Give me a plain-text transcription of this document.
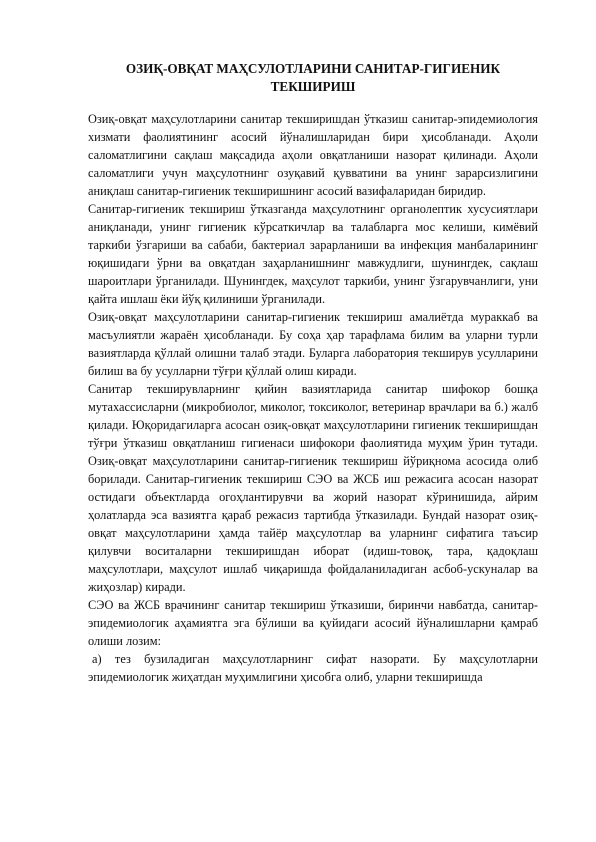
ОЗИҚ-ОВҚАТ МАҲСУЛОТЛАРИНИ САНИТАР-ГИГИЕНИК ТЕКШИРИШ

Озиқ-овқат маҳсулотларини санитар текширишдан ўтказиш санитар-эпидемиология хизмати фаолиятининг асосий йўналишларидан бири ҳисобланади. Аҳоли саломатлигини сақлаш мақсадида аҳоли овқатланиши назорат қилинади. Аҳоли саломатлиги учун маҳсулотнинг озуқавий қувватини ва унинг зарарсизлигини аниқлаш санитар-гигиеник текширишнинг асосий вазифаларидан биридир.

Санитар-гигиеник текшириш ўтказганда маҳсулотнинг органолептик хусусиятлари аниқланади, унинг гигиеник кўрсаткичлар ва талабларга мос келиши, кимёвий таркиби ўзгариши ва сабаби, бактериал зарарланиши ва инфекция манбаларининг юқишидаги ўрни ва овқатдан заҳарланишнинг мавжудлиги, шунингдек, сақлаш шароитлари ўрганилади. Шунингдек, маҳсулот таркиби, унинг ўзгарувчанлиги, уни қайта ишлаш ёки йўқ қилиниши ўрганилади.

Озиқ-овқат маҳсулотларини санитар-гигиеник текшириш амалиётда мураккаб ва масъулиятли жараён ҳисобланади. Бу соҳа ҳар тарафлама билим ва уларни турли вазиятларда қўллай олишни талаб этади. Буларга лаборатория текширув усулларини билиш ва бу усулларни тўғри қўллай олиш киради.

Санитар текширувларнинг қийин вазиятларида санитар шифокор бошқа мутахассисларни (микробиолог, миколог, токсиколог, ветеринар врачлари ва б.) жалб қилади. Юқоридагиларга асосан озиқ-овқат маҳсулотларини гигиеник текширишдан тўғри ўтказиш овқатланиш гигиенаси шифокори фаолиятида муҳим ўрин тутади. Озиқ-овқат маҳсулотларини санитар-гигиеник текшириш йўриқнома асосида олиб борилади. Санитар-гигиеник текшириш СЭО ва ЖСБ иш режасига асосан назорат остидаги объектларда огоҳлантирувчи ва жорий назорат кўринишида, айрим ҳолатларда эса вазиятга қараб режасиз тартибда ўтказилади. Бундай назорат озиқ-овқат маҳсулотларини ҳамда тайёр маҳсулотлар ва уларнинг сифатига таъсир қилувчи воситаларни текширишдан иборат (идиш-товоқ, тара, қадоқлаш маҳсулотлари, маҳсулот ишлаб чиқаришда фойдаланиладиган асбоб-ускуналар ва жиҳозлар) киради.

СЭО ва ЖСБ врачининг санитар текшириш ўтказиши, биринчи навбатда, санитар-эпидемиологик аҳамиятга эга бўлиши ва қуйидаги асосий йўналишларни қамраб олиши лозим:

а) тез бузиладиган маҳсулотларнинг сифат назорати. Бу маҳсулотларни эпидемиологик жиҳатдан муҳимлигини ҳисобга олиб, уларни текширишда
